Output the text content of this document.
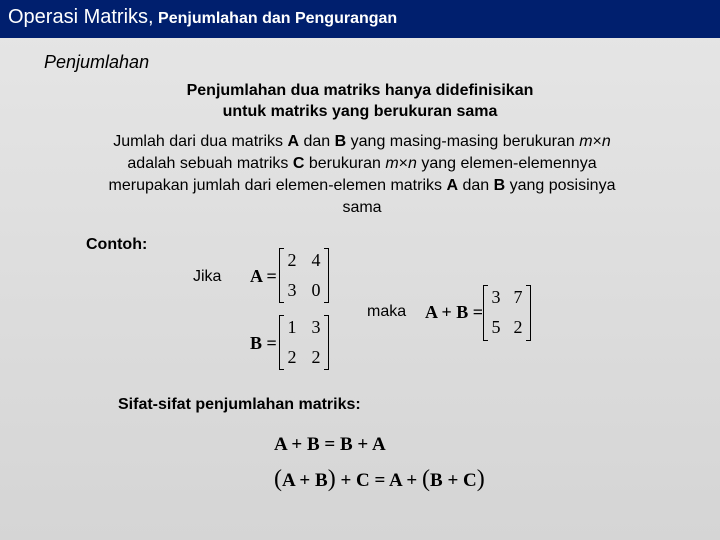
Operasi Matriks, Penjumlahan dan Pengurangan
Penjumlahan
Penjumlahan dua matriks hanya didefinisikan
untuk matriks yang berukuran sama
Jumlah dari dua matriks A dan B yang masing-masing berukuran m×n adalah sebuah matriks C berukuran m×n yang elemen-elemennya merupakan jumlah dari elemen-elemen matriks A dan B yang posisinya sama
Contoh:
Jika A =
2 4
3 0
B =
1 3
2 2
maka A + B =
3 7
5 2
Sifat-sifat penjumlahan matriks:
A + B = B + A
(A + B) + C = A + (B + C)
